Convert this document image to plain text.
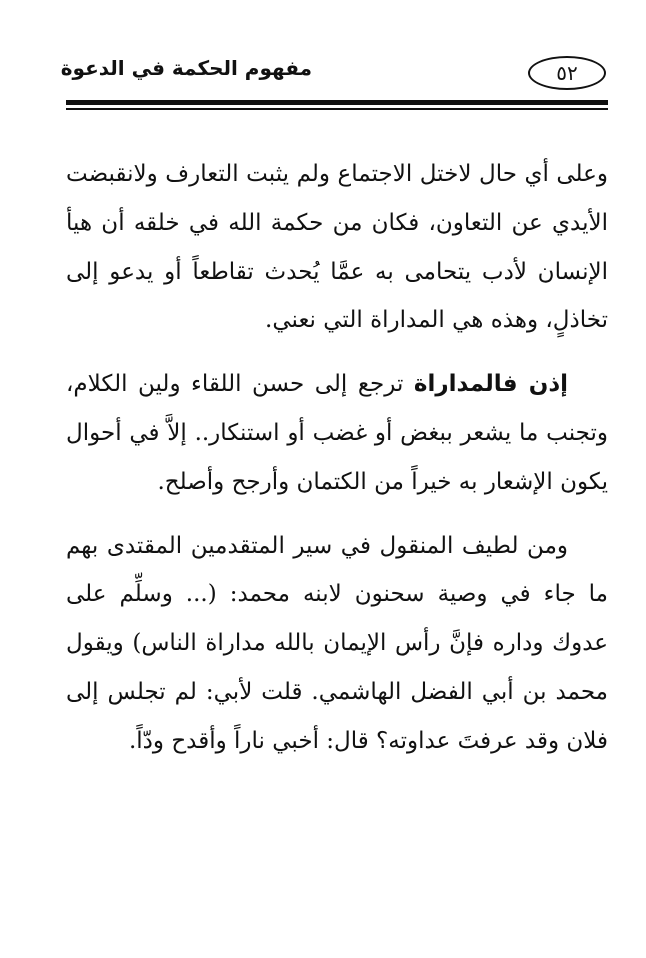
٥٢
مفهوم الحكمة في الدعوة

وعلى أي حال لاختل الاجتماع ولم يثبت التعارف ولانقبضت الأيدي عن التعاون، فكان من حكمة الله في خلقه أن هيأ الإنسان لأدب يتحامى به عمَّا يُحدث تقاطعاً أو يدعو إلى تخاذلٍ، وهذه هي المداراة التي نعني.

إذن فالمداراة ترجع إلى حسن اللقاء ولين الكلام، وتجنب ما يشعر ببغض أو غضب أو استنكار.. إلاَّ في أحوال يكون الإشعار به خيراً من الكتمان وأرجح وأصلح.

ومن لطيف المنقول في سير المتقدمين المقتدى بهم ما جاء في وصية سحنون لابنه محمد: (... وسلِّم على عدوك وداره فإنَّ رأس الإيمان بالله مداراة الناس) ويقول محمد بن أبي الفضل الهاشمي. قلت لأبي: لم تجلس إلى فلان وقد عرفتَ عداوته؟ قال: أخبي ناراً وأقدح ودّاً.
